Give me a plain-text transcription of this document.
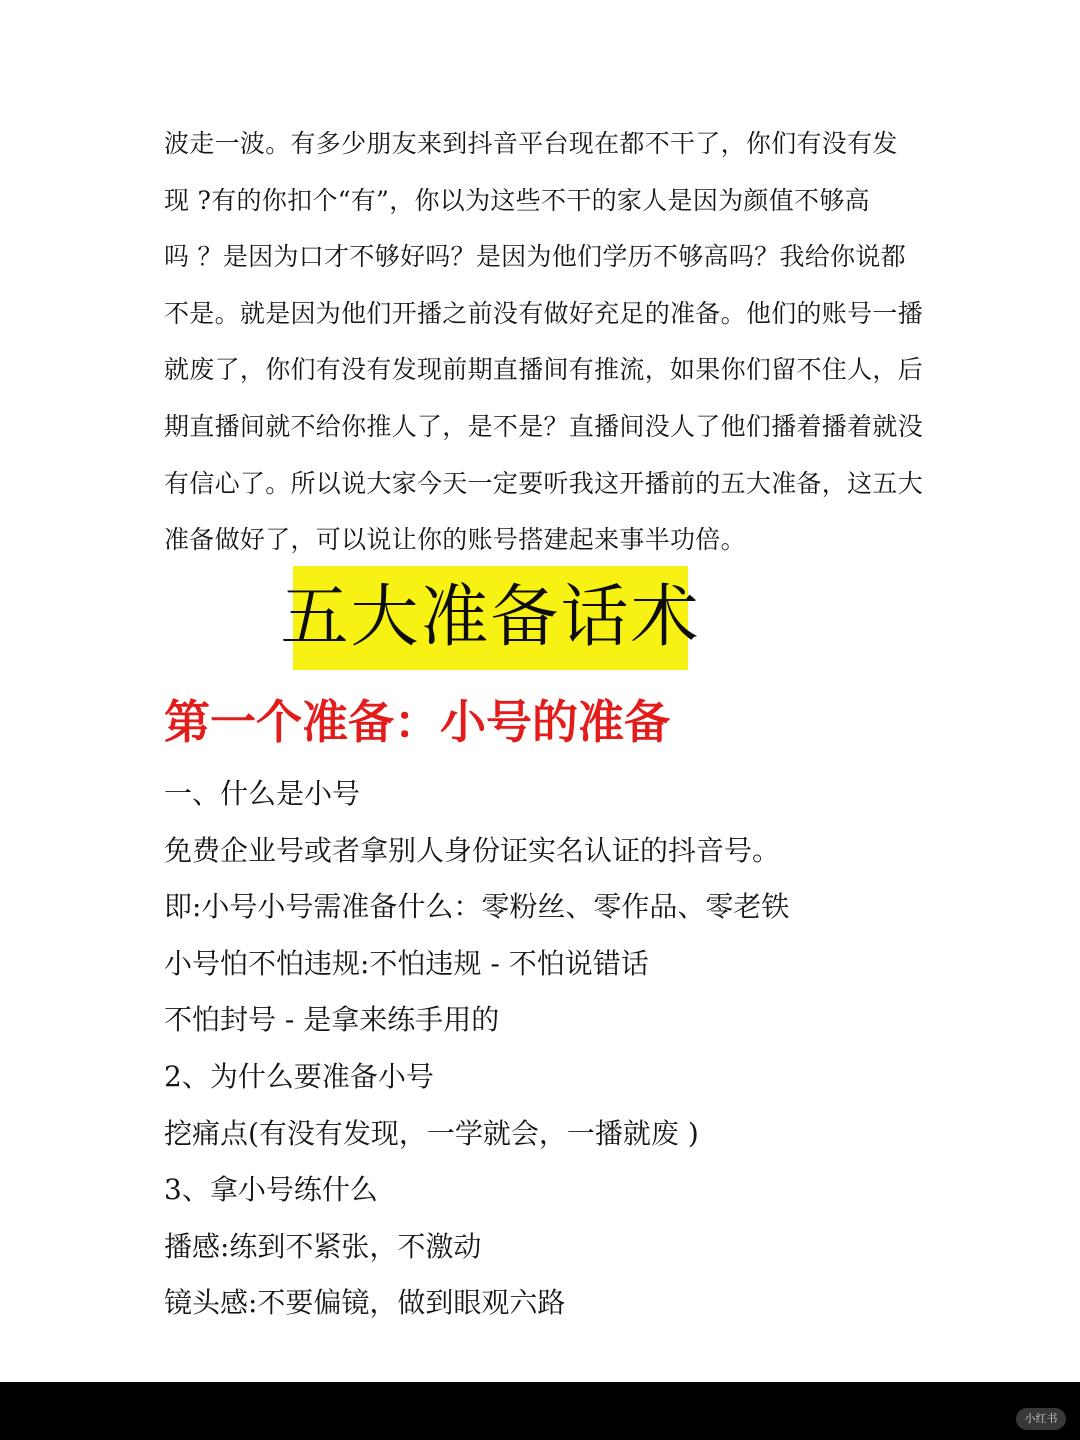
波走一波。有多少朋友来到抖音平台现在都不干了，你们有没有发
现 ?有的你扣个“有”，你以为这些不干的家人是因为颜值不够高
吗 ？是因为口才不够好吗？是因为他们学历不够高吗？我给你说都
不是。就是因为他们开播之前没有做好充足的准备。他们的账号一播
就废了，你们有没有发现前期直播间有推流，如果你们留不住人，后
期直播间就不给你推人了，是不是？直播间没人了他们播着播着就没
有信心了。所以说大家今天一定要听我这开播前的五大准备，这五大
准备做好了，可以说让你的账号搭建起来事半功倍。
五大准备话术
第一个准备：小号的准备
一、什么是小号
免费企业号或者拿别人身份证实名认证的抖音号。
即:小号小号需准备什么：零粉丝、零作品、零老铁
小号怕不怕违规:不怕违规 - 不怕说错话
不怕封号 - 是拿来练手用的
2、为什么要准备小号
挖痛点(有没有发现，一学就会，一播就废 )
3、拿小号练什么
播感:练到不紧张，不激动
镜头感:不要偏镜，做到眼观六路
小红书
